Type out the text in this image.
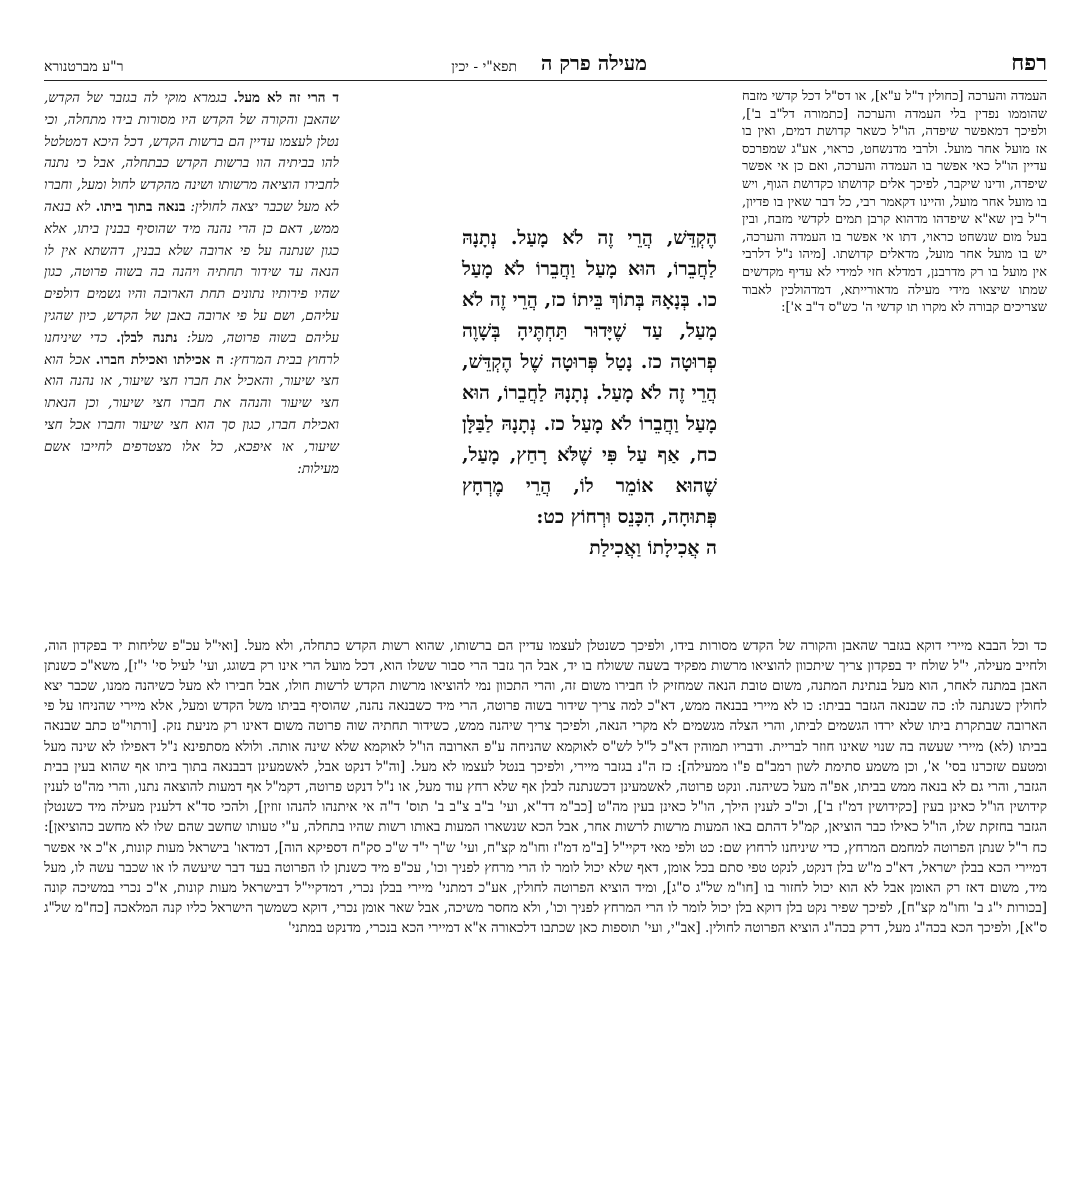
רפח
מעילה פרק ה
תפא"י - יכין
ר"ע מברטנורא

העמדה והערכה [כחולין ד"ל ע"א], או דס"ל דכל קדשי מזבח שהוממו נפדין בלי העמדה והערכה [כתמורה דל"ב ב'], ולפיכך דמאפשר שיפדה, הו"ל כשאר קדושת דמים, ואין בו אז מועל אחר מועל. ולרבי מדנשחט, כראוי, אע"ג שמפרכס עדיין הו"ל כאי אפשר בו העמדה והערכה, ואם כן אי אפשר שיפדה, ודינו שיקבר, לפיכך אלים קדושתו כקדושת הגוף, ויש בו מועל אחר מועל, והיינו דקאמר רבי, כל דבר שאין בו פדיון, ר"ל בין שא"א שיפדהו מדהוא קרבן תמים לקדשי מזבח, ובין בעל מום שנשחט כראוי, דתו אי אפשר בו העמדה והערכה, יש בו מועל אחר מועל, מדאלים קדושתו. [מיהו נ"ל דלרבי אין מועל בו רק מדרבנן, דמדלא חזי למידי לא עדיף מקדשים שמתו שיצאו מידי מעילה מדאורייתא, דמדהולכין לאבוד שצריכים קבורה לא מקרו תו קדשי ה' כש"ס ד"ב א']:

הֶקְדֵּשׁ, הֲרֵי זֶה לֹא מָעַל. נְתָנָהּ לַחֲבֵרוֹ, הוּא מָעַל וַחֲבֵרוֹ לֹא מָעַל כו. בְּנָאָהּ בְּתוֹךְ בֵּיתוֹ כז, הֲרֵי זֶה לֹא מָעַל, עַד שֶׁיָּדוּר תַּחְתֶּיהָ בְּשָׁוֶה פְרוּטָה כז. נָטַל פְּרוּטָה שֶׁל הֶקְדֵּשׁ, הֲרֵי זֶה לֹא מָעַל. נְתָנָהּ לַחֲבֵרוֹ, הוּא מָעַל וַחֲבֵרוֹ לֹא מָעַל כז. נְתָנָהּ לַבַּלָּן כח, אַף עַל פִּי שֶׁלֹּא רָחַץ, מָעַל, שֶׁהוּא אוֹמֵר לוֹ, הֲרֵי מֶרְחָץ פְּתוּחָה, הִכָּנֵס וּרְחוֹץ כט:

ה אֲכִילָתוֹ וַאֲכִילַת

ד הרי זה לא מעל. בגמרא מוקי לה בגזבר של הקדש, שהאבן והקורה של הקדש היו מסורות בידו מתחלה, וכי נטלן לעצמו עדיין הם ברשות הקדש, דכל היכא דמטלטל להו בביתיה הוו ברשות הקדש כבתחלה, אבל כי נתנה לחבירו הוציאה מרשותו ושינה מהקדש לחול ומעל, וחברו לא מעל שכבר יצאה לחולין: בנאה בתוך ביתו. לא בנאה ממש, דאם כן הרי נהנה מיד שהוסיף בבנין ביתו, אלא כגון שנתנה על פי ארובה שלא בבנין, דהשתא אין לו הנאה עד שידור תחתיה ויהנה בה בשוה פרוטה, כגון שהיו פירותיו נתונים תחת הארובה והיו גשמים דולפים עליהם, ושם על פי ארובה באבן של הקדש, כיון שהגין עליהם בשוה פרוטה, מעל: נתנה לבלן. כדי שיניחנו לרחוץ בבית המרחץ: ה אכילתו ואכילת חברו. אכל הוא חצי שיעור, והאכיל את חברו חצי שיעור, או נהנה הוא חצי שיעור והנהה את חברו חצי שיעור, וכן הנאתו ואכילת חברו, כגון סך הוא חצי שיעור וחברו אכל חצי שיעור, או איפכא, כל אלו מצטרפים לחייבו אשם מעילות:

כד וכל הבבא מיירי דוקא בגזבר שהאבן והקורה של הקדש מסורות בידו, ולפיכך כשנטלן לעצמו עדיין הם ברשותו, שהוא רשות הקדש כתחלה, ולא מעל. [ואי"ל עכ"פ שליחות יד בפקדון הוה, ולחייב מעילה, י"ל שולח יד בפקדון צריך שיתכוון להוציאו מרשות מפקיד בשעה ששולח בו יד, אבל הך גזבר הרי סבור ששלו הוא, דכל מועל הרי אינו רק בשוגג, ועי' לעיל סי' י"ז], משא"כ כשנתן האבן במתנה לאחר, הוא מעל בנתינת המתנה, משום טובת הנאה שמחזיק לו חבירו משום זה, והרי התכוון נמי להוציאו מרשות הקדש לרשות חולו, אבל חבירו לא מעל כשיהנה ממנו, שכבר יצא לחולין כשנתנה לו: כה שבנאה הגזבר בביתו: כו לא מיירי בבנאה ממש, דא"כ למה צריך שידור בשוה פרוטה, הרי מיד כשבנאה נהנה, שהוסיף בביתו משל הקדש ומעל, אלא מיירי שהניחו על פי הארובה שבתקרת ביתו שלא ירדו הגשמים לביתו, והרי הצלה מגשמים לא מקרי הנאה, ולפיכך צריך שיהנה ממש, כשידור תחתיה שוה פרוטה משום דאינו רק מניעת נזק. [ורתוי"ט כתב שבנאה בביתו (לא) מיירי שעשה בה שנוי שאינו חוזר לבריית. ודבריו תמוהין דא"כ ל"ל לש"ס לאוקמא שהניחה ע"פ הארובה הו"ל לאוקמא שלא שינה אותה. ולולא מסתפינא נ"ל דאפילו לא שינה מעל ומטעם שזכרנו בסי' א', וכן משמע סתימת לשון רמב"ם פ"ו ממעילה]: כז ה"נ בגזבר מיירי, ולפיכך בנטל לעצמו לא מעל. [וה"ל דנקט אבל, לאשמעינן דבבנאה בתוך ביתו אף שהוא בעין בבית הגזבר, והרי גם לא בנאה ממש בביתו, אפ"ה מעל כשיהנה. ונקט פרוטה, לאשמעינן דכשנתנה לבלן אף שלא רחץ עוד מעל, או נ"ל דנקט פרוטה, דקמ"ל אף דמעות להוצאה נתנו, והרי מה"ט לענין קידושין הו"ל כאינן בעין [כקידושין דמ"ז ב'], וכ"כ לענין הילך, הו"ל כאינן בעין מה"ט [כב"מ דד"א, ועי' ב"ב צ"ב ב' תוס' ד"ה אי איתנהו להנהו זוזין], ולהכי סד"א דלענין מעילה מיד כשנטלן הגזבר בחזקת שלו, הו"ל כאילו כבר הוציאן, קמ"ל דהתם באו המעות מרשות לרשות אחר, אבל הכא שנשארו המעות באותו רשות שהיו בתחלה, ע"י טעותו שחשב שהם שלו לא מחשב כהוציאן]: כח ר"ל שנתן הפרוטה למחמם המרחץ, כדי שיניחנו לרחוץ שם: כט ולפי מאי דקיי"ל [ב"מ דמ"ז וחו"מ קצ"ח, ועי' ש"ך י"ד ש"כ סק"ח דספיקא הוה], דמדאו' בישראל מעות קונות, א"כ אי אפשר דמיירי הכא בבלן ישראל, דא"כ מ"ש בלן דנקט, לנקט טפי סתם בכל אומן, דאף שלא יכול לומר לו הרי מרחץ לפניך וכו', עכ"פ מיד כשנתן לו הפרוטה בעד דבר שיעשה לו או שכבר עשה לו, מעל מיד, משום דאז רק האומן אבל לא הוא יכול לחזור בו [חו"מ של"ג ס"ג], ומיד הוציא הפרוטה לחולין, אע"כ דמתני' מיירי בבלן נכרי, דמדקיי"ל דבישראל מעות קונות, א"כ נכרי במשיכה קונה [בכורות י"ג ב' וחו"מ קצ"ח], לפיכך שפיר נקט בלן דוקא בלן יכול לומר לו הרי המרחץ לפניך וכו', ולא מחסר משיכה, אבל שאר אומן נכרי, דוקא כשמשך הישראל כליו קנה המלאכה [כח"מ של"ג ס"א], ולפיכך הכא בכה"ג מעל, דרק בכה"ג הוציא הפרוטה לחולין. [אב"י, ועי' תוספות כאן שכתבו דלכאורה א"א דמיירי הכא בנכרי, מדנקט במתני'
